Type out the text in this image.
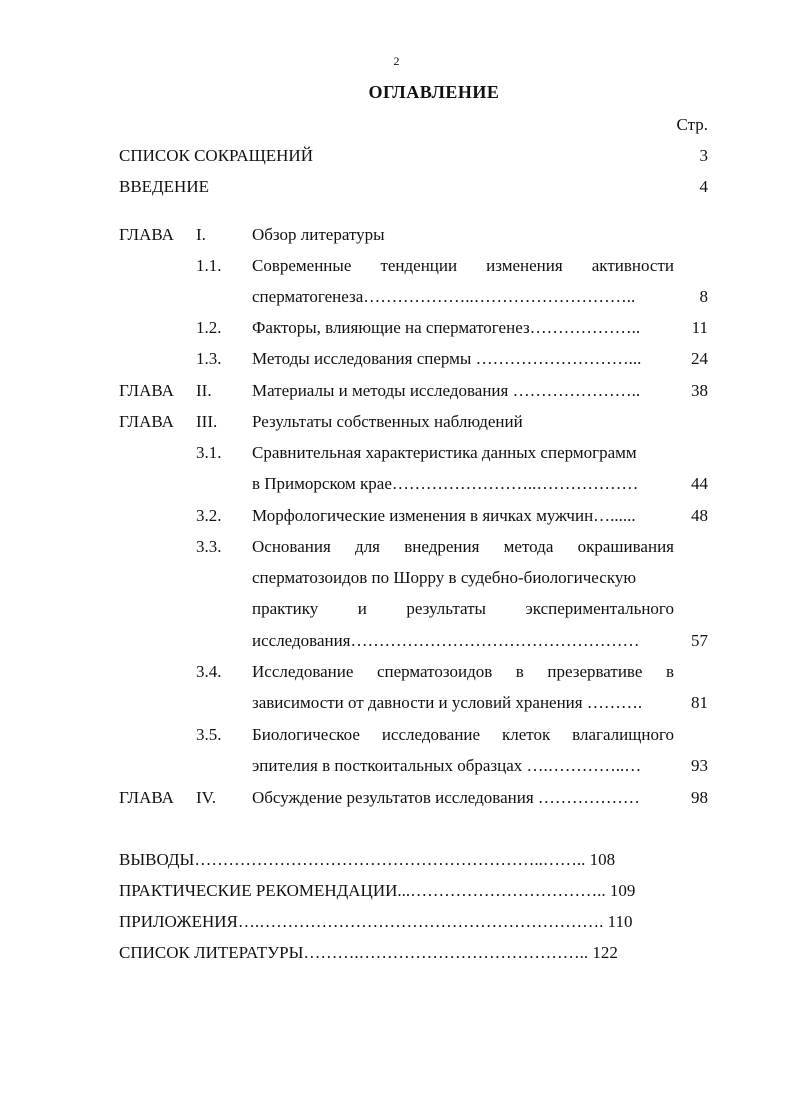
2
ОГЛАВЛЕНИЕ
Стр.
СПИСОК СОКРАЩЕНИЙ	3
ВВЕДЕНИЕ	4
ГЛАВА I.	Обзор литературы
1.1. Современные тенденции изменения активности
сперматогенеза………………..………………………..	8
1.2. Факторы, влияющие на сперматогенез………………..	11
1.3. Методы исследования спермы ………………………...	24
ГЛАВА II. Материалы и методы исследования …………………..	38
ГЛАВА III. Результаты собственных наблюдений
3.1. Сравнительная характеристика данных спермограмм
в Приморском крае……………………..………………	44
3.2. Морфологические изменения в яичках мужчин…......	48
3.3. Основания для внедрения метода окрашивания
сперматозоидов по Шорру в судебно-биологическую
практику и результаты экспериментального
исследования……………………………………………	57
3.4. Исследование сперматозоидов в презервативе в
зависимости от давности и условий хранения ……….	81
3.5. Биологическое исследование клеток влагалищного
эпителия в посткоитальных образцах ….…………..…	93
ГЛАВА IV. Обсуждение результатов исследования ………………	98
ВЫВОДЫ……………………………………………………..…….. 108
ПРАКТИЧЕСКИЕ РЕКОМЕНДАЦИИ...…………………………….. 109
ПРИЛОЖЕНИЯ….……………………………………………………. 110
СПИСОК ЛИТЕРАТУРЫ……….………………………………….. 122
